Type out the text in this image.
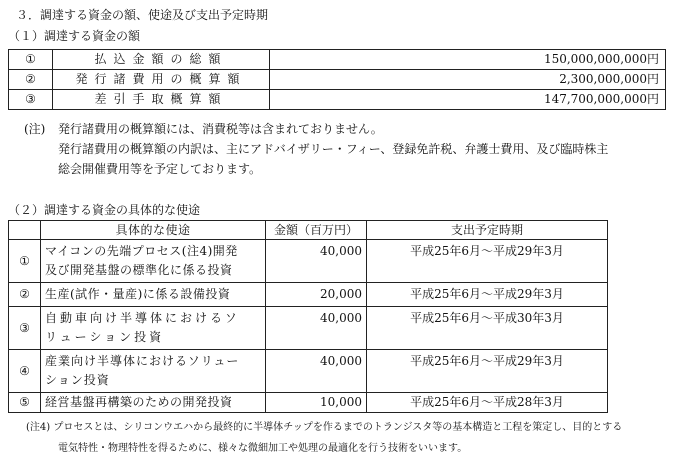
３．調達する資金の額、使途及び支出予定時期
（１）調達する資金の額
①	払込金額の総額	150,000,000,000円
②	発行諸費用の概算額	2,300,000,000円
③	差引手取概算額	147,700,000,000円
(注) 発行諸費用の概算額には、消費税等は含まれておりません。
発行諸費用の概算額の内訳は、主にアドバイザリー・フィー、登録免許税、弁護士費用、及び臨時株主
総会開催費用等を予定しております。
（２）調達する資金の具体的な使途
	具体的な使途	金額（百万円）	支出予定時期
①	マイコンの先端プロセス(注4)開発
及び開発基盤の標準化に係る投資	40,000	平成25年6月～平成29年3月
②	生産(試作・量産)に係る設備投資	20,000	平成25年6月～平成29年3月
③	自動車向け半導体におけるソ
リューション投資	40,000	平成25年6月～平成30年3月
④	産業向け半導体におけるソリュー
ション投資	40,000	平成25年6月～平成29年3月
⑤	経営基盤再構築のための開発投資	10,000	平成25年6月～平成28年3月
(注4) プロセスとは、シリコンウエハから最終的に半導体チップを作るまでのトランジスタ等の基本構造と工程を策定し、目的とする
電気特性・物理特性を得るために、様々な微細加工や処理の最適化を行う技術をいいます。
